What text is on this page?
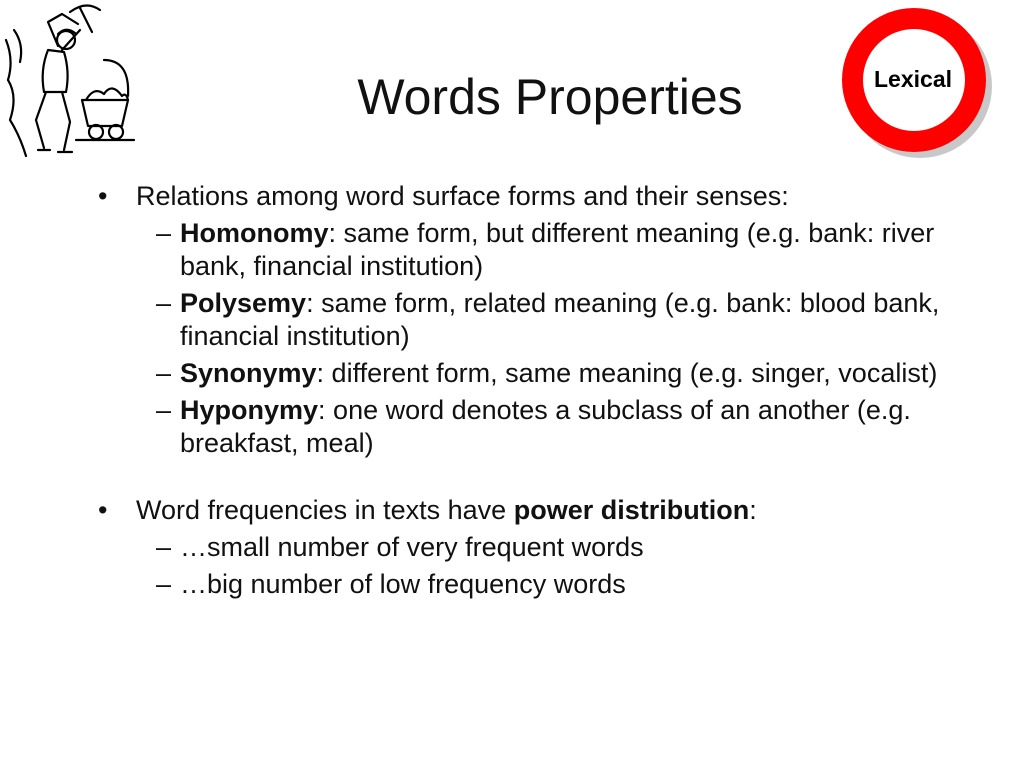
Words Properties	Lexical

• Relations among word surface forms and their senses:

– Homonomy: same form, but different meaning (e.g. bank: river bank, financial institution)

– Polysemy: same form, related meaning (e.g. bank: blood bank, financial institution)

– Synonymy: different form, same meaning (e.g. singer, vocalist)

– Hyponymy: one word denotes a subclass of an another (e.g. breakfast, meal)

• Word frequencies in texts have power distribution:

– …small number of very frequent words

– …big number of low frequency words
